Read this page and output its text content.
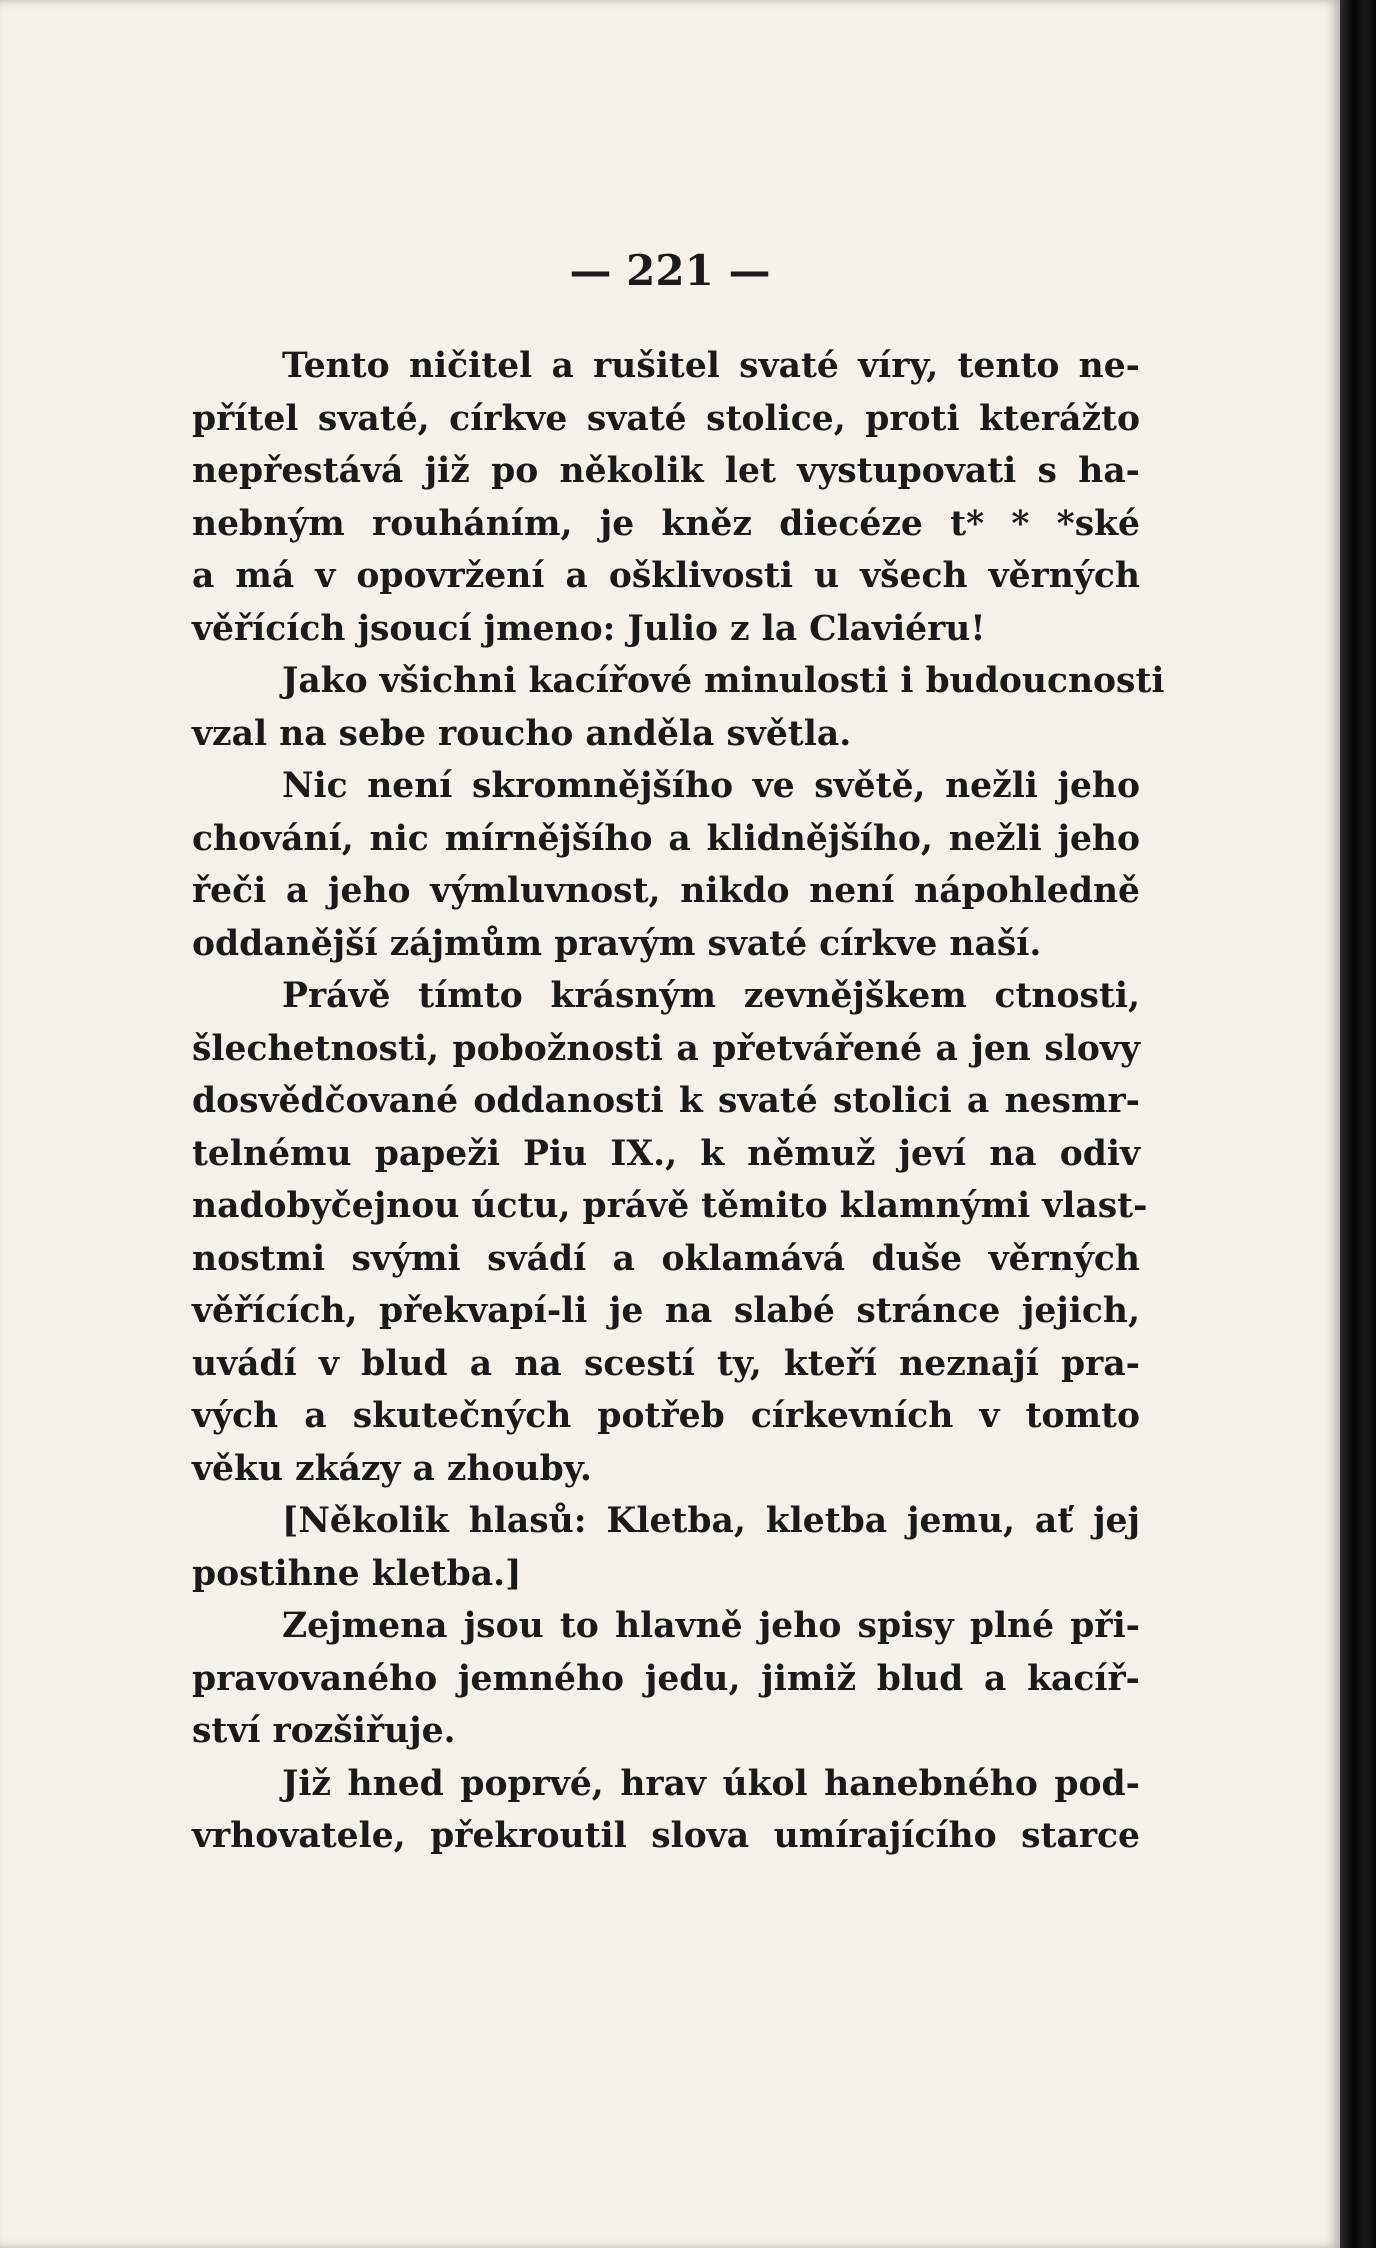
— 221 —
Tento ničitel a rušitel svaté víry, tento ne-
přítel svaté, církve svaté stolice, proti kterážto
nepřestává již po několik let vystupovati s ha-
nebným rouháním, je kněz diecéze t* * *ské
a má v opovržení a ošklivosti u všech věrných
věřících jsoucí jmeno: Julio z la Claviéru!
Jako všichni kacířové minulosti i budoucnosti
vzal na sebe roucho anděla světla.
Nic není skromnějšího ve světě, nežli jeho
chování, nic mírnějšího a klidnějšího, nežli jeho
řeči a jeho výmluvnost, nikdo není nápohledně
oddanější zájmům pravým svaté církve naší.
Právě tímto krásným zevnějškem ctnosti,
šlechetnosti, pobožnosti a přetvářené a jen slovy
dosvědčované oddanosti k svaté stolici a nesmr-
telnému papeži Piu IX., k němuž jeví na odiv
nadobyčejnou úctu, právě těmito klamnými vlast-
nostmi svými svádí a oklamává duše věrných
věřících, překvapí-li je na slabé stránce jejich,
uvádí v blud a na scestí ty, kteří neznají pra-
vých a skutečných potřeb církevních v tomto
věku zkázy a zhouby.
[Několik hlasů: Kletba, kletba jemu, ať jej
postihne kletba.]
Zejmena jsou to hlavně jeho spisy plné při-
pravovaného jemného jedu, jimiž blud a kacíř-
ství rozšiřuje.
Již hned poprvé, hrav úkol hanebného pod-
vrhovatele, překroutil slova umírajícího starce
